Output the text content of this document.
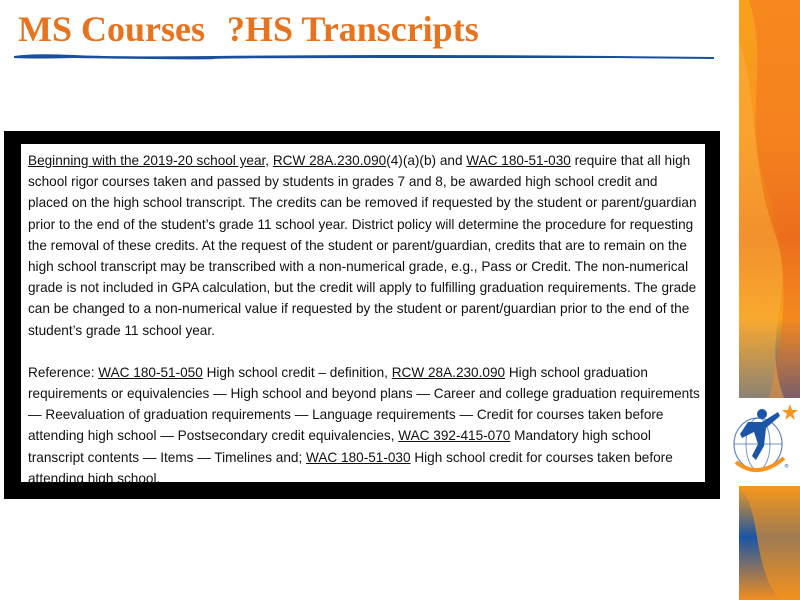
MS Courses ?HS Transcripts
®

Beginning with the 2019-20 school year, RCW 28A.230.090(4)(a)(b) and WAC 180-51-030 require that all high school rigor courses taken and passed by students in grades 7 and 8, be awarded high school credit and placed on the high school transcript. The credits can be removed if requested by the student or parent/guardian prior to the end of the student’s grade 11 school year. District policy will determine the procedure for requesting the removal of these credits. At the request of the student or parent/guardian, credits that are to remain on the high school transcript may be transcribed with a non-numerical grade, e.g., Pass or Credit. The non-numerical grade is not included in GPA calculation, but the credit will apply to fulfilling graduation requirements. The grade can be changed to a non-numerical value if requested by the student or parent/guardian prior to the end of the student’s grade 11 school year.

Reference: WAC 180-51-050 High school credit – definition, RCW 28A.230.090 High school graduation requirements or equivalencies — High school and beyond plans — Career and college graduation requirements — Reevaluation of graduation requirements — Language requirements — Credit for courses taken before attending high school — Postsecondary credit equivalencies, WAC 392-415-070 Mandatory high school transcript contents — Items — Timelines and; WAC 180-51-030 High school credit for courses taken before attending high school.
